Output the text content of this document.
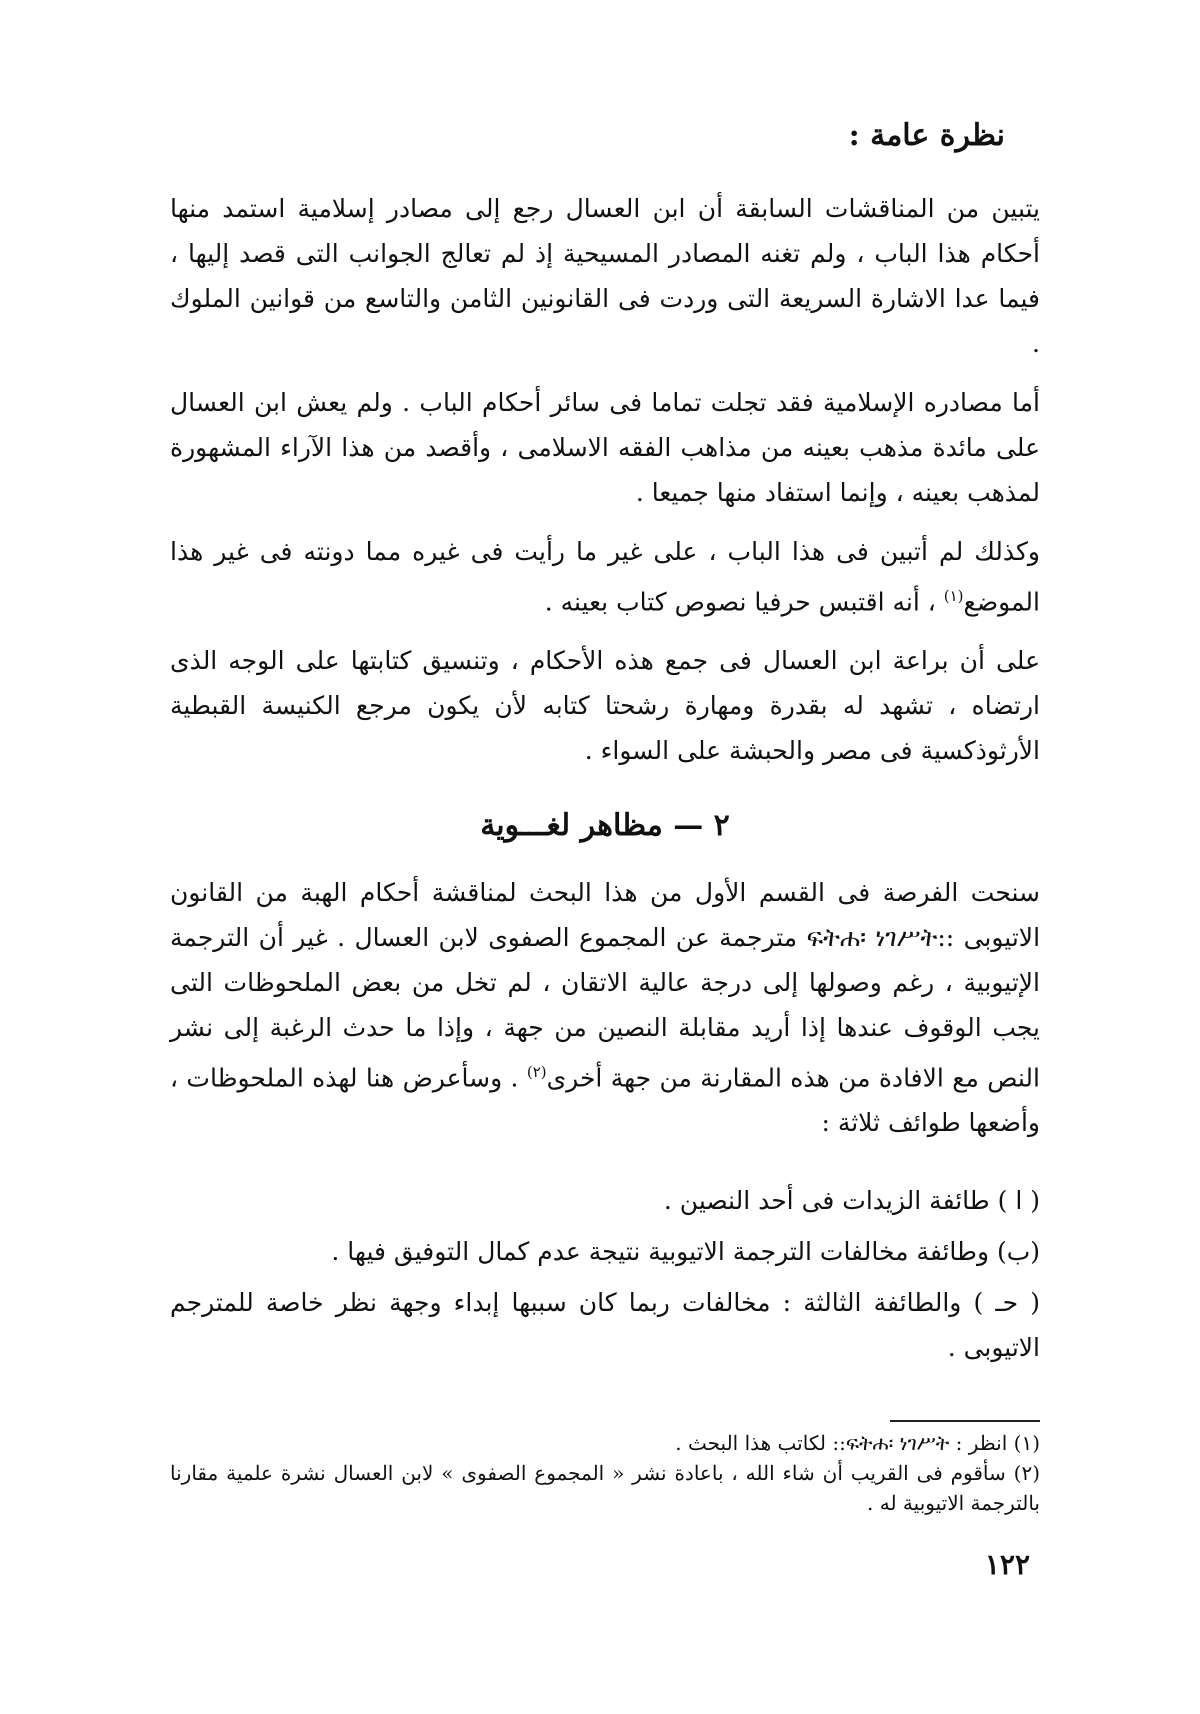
نظرة عامة :

يتبين من المناقشات السابقة أن ابن العسال رجع إلى مصادر إسلامية استمد منها أحكام هذا الباب ، ولم تغنه المصادر المسيحية إذ لم تعالج الجوانب التى قصد إليها ، فيما عدا الاشارة السريعة التى وردت فى القانونين الثامن والتاسع من قوانين الملوك .

أما مصادره الإسلامية فقد تجلت تماما فى سائر أحكام الباب . ولم يعش ابن العسال على مائدة مذهب بعينه من مذاهب الفقه الاسلامى ، وأقصد من هذا الآراء المشهورة لمذهب بعينه ، وإنما استفاد منها جميعا .

وكذلك لم أتبين فى هذا الباب ، على غير ما رأيت فى غيره مما دونته فى غير هذا الموضع$^{(١)}$ ، أنه اقتبس حرفيا نصوص كتاب بعينه .

على أن براعة ابن العسال فى جمع هذه الأحكام ، وتنسيق كتابتها على الوجه الذى ارتضاه ، تشهد له بقدرة ومهارة رشحتا كتابه لأن يكون مرجع الكنيسة القبطية الأرثوذكسية فى مصر والحبشة على السواء .

٢ — مظاهر لغـــوية

سنحت الفرصة فى القسم الأول من هذا البحث لمناقشة أحكام الهبة من القانون الاتيوبى ::ፍትሐ፡ ነገሥት مترجمة عن المجموع الصفوى لابن العسال . غير أن الترجمة الإتيوبية ، رغم وصولها إلى درجة عالية الاتقان ، لم تخل من بعض الملحوظات التى يجب الوقوف عندها إذا أريد مقابلة النصين من جهة ، وإذا ما حدث الرغبة إلى نشر النص مع الافادة من هذه المقارنة من جهة أخرى$^{(٢)}$ . وسأعرض هنا لهذه الملحوظات ، وأضعها طوائف ثلاثة :

( ا ) طائفة الزيدات فى أحد النصين .
(ب) وطائفة مخالفات الترجمة الاتيوبية نتيجة عدم كمال التوفيق فيها .
( حـ ) والطائفة الثالثة : مخالفات ربما كان سببها إبداء وجهة نظر خاصة للمترجم الاتيوبى .

(١) انظر : ፍትሐ፡ ነገሥት:: لكاتب هذا البحث .

(٢) سأقوم فى القريب أن شاء الله ، باعادة نشر « المجموع الصفوى » لابن العسال نشرة علمية مقارنا بالترجمة الاتيوبية له .

١٢٢
